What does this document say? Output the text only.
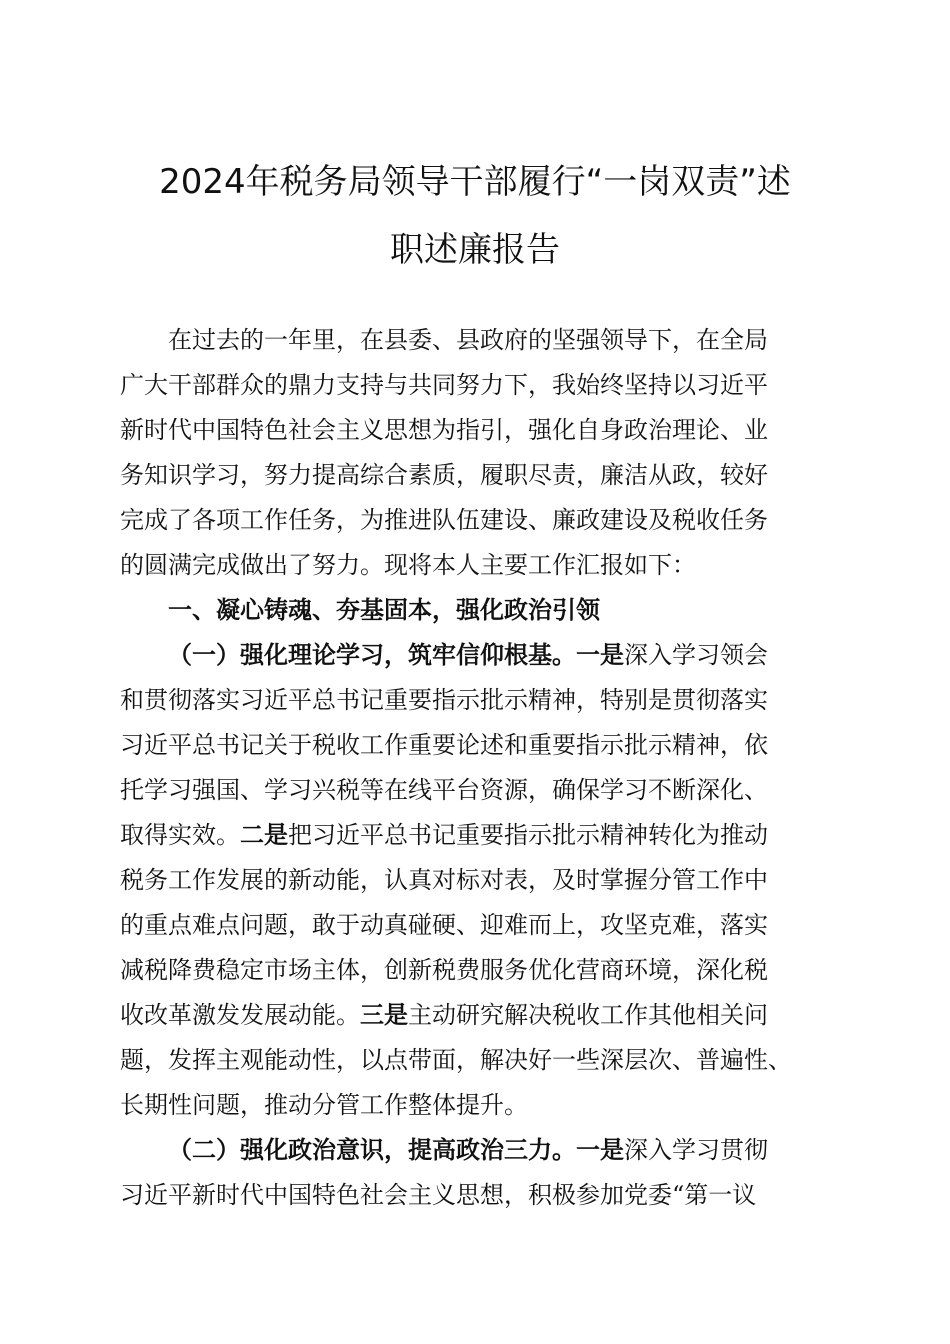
2024年税务局领导干部履行“一岗双责”述
职述廉报告
在过去的一年里，在县委、县政府的坚强领导下，在全局
广大干部群众的鼎力支持与共同努力下，我始终坚持以习近平
新时代中国特色社会主义思想为指引，强化自身政治理论、业
务知识学习，努力提高综合素质，履职尽责，廉洁从政，较好
完成了各项工作任务，为推进队伍建设、廉政建设及税收任务
的圆满完成做出了努力。现将本人主要工作汇报如下：
一、凝心铸魂、夯基固本，强化政治引领
（一）强化理论学习，筑牢信仰根基。一是深入学习领会
和贯彻落实习近平总书记重要指示批示精神，特别是贯彻落实
习近平总书记关于税收工作重要论述和重要指示批示精神，依
托学习强国、学习兴税等在线平台资源，确保学习不断深化、
取得实效。二是把习近平总书记重要指示批示精神转化为推动
税务工作发展的新动能，认真对标对表，及时掌握分管工作中
的重点难点问题，敢于动真碰硬、迎难而上，攻坚克难，落实
减税降费稳定市场主体，创新税费服务优化营商环境，深化税
收改革激发发展动能。三是主动研究解决税收工作其他相关问
题，发挥主观能动性，以点带面，解决好一些深层次、普遍性、
长期性问题，推动分管工作整体提升。
（二）强化政治意识，提高政治三力。一是深入学习贯彻
习近平新时代中国特色社会主义思想，积极参加党委“第一议
